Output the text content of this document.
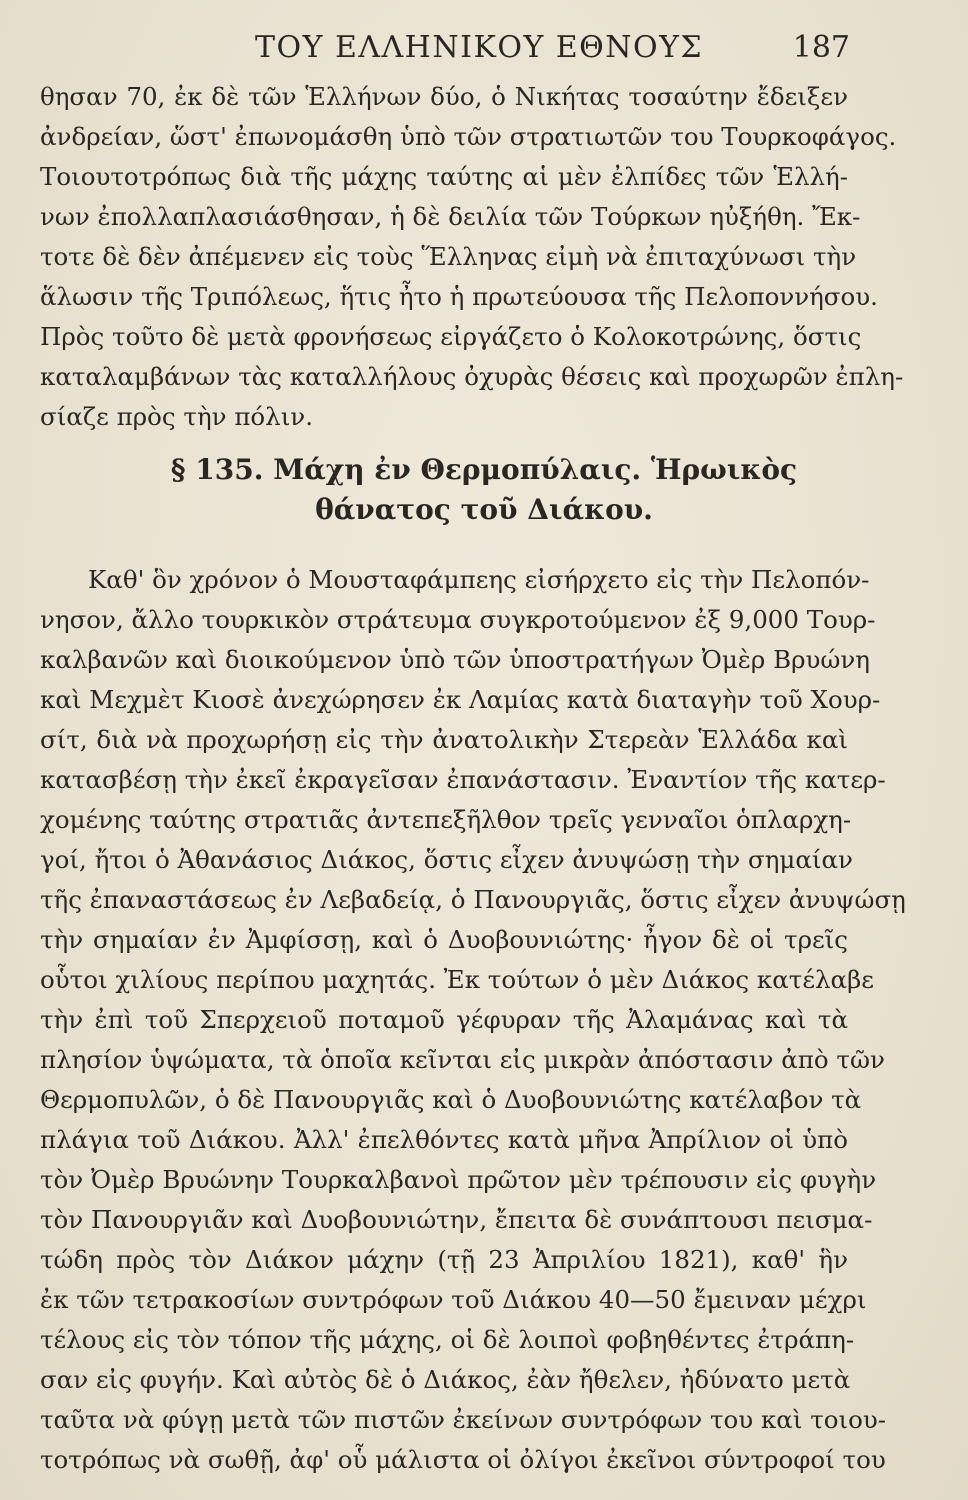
ΤΟΥ ΕΛΛΗΝΙΚΟΥ ΕΘΝΟΥΣ	187
θησαν 70, ἐκ δὲ τῶν Ἑλλήνων δύο, ὁ Νικήτας τοσαύτην ἔδειξεν
ἀνδρείαν, ὥστ' ἐπωνομάσθη ὑπὸ τῶν στρατιωτῶν του Τουρκοφάγος.
Τοιουτοτρόπως διὰ τῆς μάχης ταύτης αἱ μὲν ἐλπίδες τῶν Ἑλλή-
νων ἐπολλαπλασιάσθησαν, ἡ δὲ δειλία τῶν Τούρκων ηὐξήθη. Ἔκ-
τοτε δὲ δὲν ἀπέμενεν εἰς τοὺς Ἕλληνας εἰμὴ νὰ ἐπιταχύνωσι τὴν
ἅλωσιν τῆς Τριπόλεως, ἥτις ἦτο ἡ πρωτεύουσα τῆς Πελοποννήσου.
Πρὸς τοῦτο δὲ μετὰ φρονήσεως εἰργάζετο ὁ Κολοκοτρώνης, ὅστις
καταλαμβάνων τὰς καταλλήλους ὀχυρὰς θέσεις καὶ προχωρῶν ἐπλη-
σίαζε πρὸς τὴν πόλιν.
§ 135. Μάχη ἐν Θερμοπύλαις. Ἡρωικὸς
θάνατος τοῦ Διάκου.
Καθ' ὃν χρόνον ὁ Μουσταφάμπεης εἰσήρχετο εἰς τὴν Πελοπόν-
νησον, ἄλλο τουρκικὸν στράτευμα συγκροτούμενον ἐξ 9,000 Τουρ-
καλβανῶν καὶ διοικούμενον ὑπὸ τῶν ὑποστρατήγων Ὀμὲρ Βρυώνη
καὶ Μεχμὲτ Κιοσὲ ἀνεχώρησεν ἐκ Λαμίας κατὰ διαταγὴν τοῦ Χουρ-
σίτ, διὰ νὰ προχωρήσῃ εἰς τὴν ἀνατολικὴν Στερεὰν Ἑλλάδα καὶ
κατασβέσῃ τὴν ἐκεῖ ἐκραγεῖσαν ἐπανάστασιν. Ἐναντίον τῆς κατερ-
χομένης ταύτης στρατιᾶς ἀντεπεξῆλθον τρεῖς γενναῖοι ὁπλαρχη-
γοί, ἤτοι ὁ Ἀθανάσιος Διάκος, ὅστις εἶχεν ἀνυψώσῃ τὴν σημαίαν
τῆς ἐπαναστάσεως ἐν Λεβαδείᾳ, ὁ Πανουργιᾶς, ὅστις εἶχεν ἀνυψώσῃ
τὴν σημαίαν ἐν Ἀμφίσσῃ, καὶ ὁ Δυοβουνιώτης· ἦγον δὲ οἱ τρεῖς
οὗτοι χιλίους περίπου μαχητάς. Ἐκ τούτων ὁ μὲν Διάκος κατέλαβε
τὴν ἐπὶ τοῦ Σπερχειοῦ ποταμοῦ γέφυραν τῆς Ἀλαμάνας καὶ τὰ
πλησίον ὑψώματα, τὰ ὁποῖα κεῖνται εἰς μικρὰν ἀπόστασιν ἀπὸ τῶν
Θερμοπυλῶν, ὁ δὲ Πανουργιᾶς καὶ ὁ Δυοβουνιώτης κατέλαβον τὰ
πλάγια τοῦ Διάκου. Ἀλλ' ἐπελθόντες κατὰ μῆνα Ἀπρίλιον οἱ ὑπὸ
τὸν Ὀμὲρ Βρυώνην Τουρκαλβανοὶ πρῶτον μὲν τρέπουσιν εἰς φυγὴν
τὸν Πανουργιᾶν καὶ Δυοβουνιώτην, ἔπειτα δὲ συνάπτουσι πεισμα-
τώδη πρὸς τὸν Διάκον μάχην (τῇ 23 Ἀπριλίου 1821), καθ' ἣν
ἐκ τῶν τετρακοσίων συντρόφων τοῦ Διάκου 40—50 ἔμειναν μέχρι
τέλους εἰς τὸν τόπον τῆς μάχης, οἱ δὲ λοιποὶ φοβηθέντες ἐτράπη-
σαν εἰς φυγήν. Καὶ αὐτὸς δὲ ὁ Διάκος, ἐὰν ἤθελεν, ἠδύνατο μετὰ
ταῦτα νὰ φύγῃ μετὰ τῶν πιστῶν ἐκείνων συντρόφων του καὶ τοιου-
τοτρόπως νὰ σωθῇ, ἀφ' οὗ μάλιστα οἱ ὀλίγοι ἐκεῖνοι σύντροφοί του
